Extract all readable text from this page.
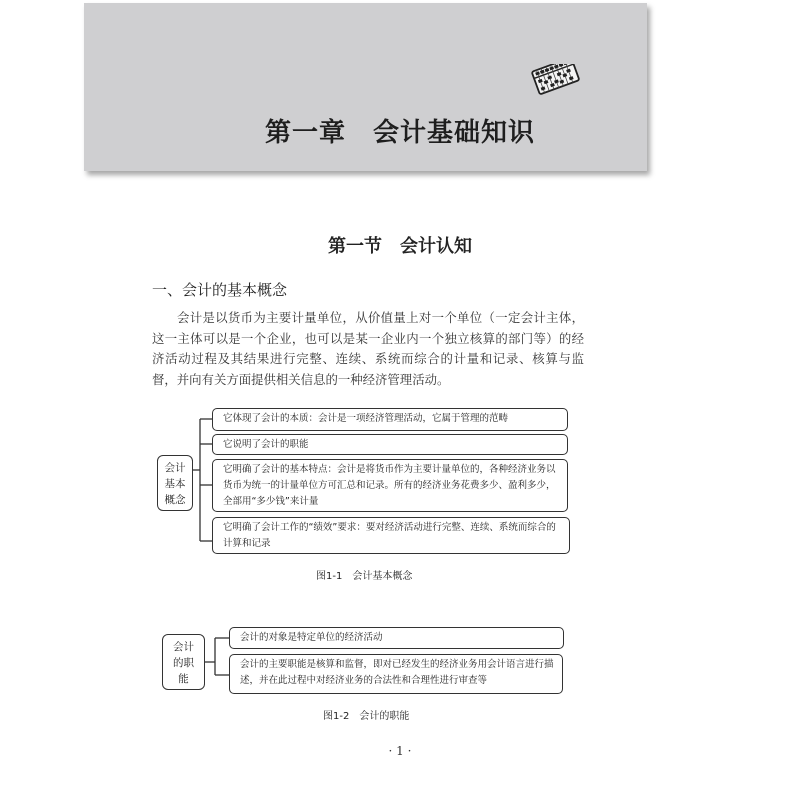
第一章　会计基础知识
第一节　会计认知
一、会计的基本概念

会计是以货币为主要计量单位，从价值量上对一个单位（一定会计主体，这一主体可以是一个企业，也可以是某一企业内一个独立核算的部门等）的经济活动过程及其结果进行完整、连续、系统而综合的计量和记录、核算与监督，并向有关方面提供相关信息的一种经济管理活动。

会计
基本
概念
它体现了会计的本质：会计是一项经济管理活动，它属于管理的范畴
它说明了会计的职能
它明确了会计的基本特点：会计是将货币作为主要计量单位的，各种经济业务以货币为统一的计量单位方可汇总和记录。所有的经济业务花费多少、盈利多少，全部用“多少钱”来计量
它明确了会计工作的“绩效”要求：要对经济活动进行完整、连续、系统而综合的计算和记录
图1-1　会计基本概念
会计
的职
能
会计的对象是特定单位的经济活动
会计的主要职能是核算和监督，即对已经发生的经济业务用会计语言进行描述，并在此过程中对经济业务的合法性和合理性进行审查等
图1-2　会计的职能
· 1 ·
